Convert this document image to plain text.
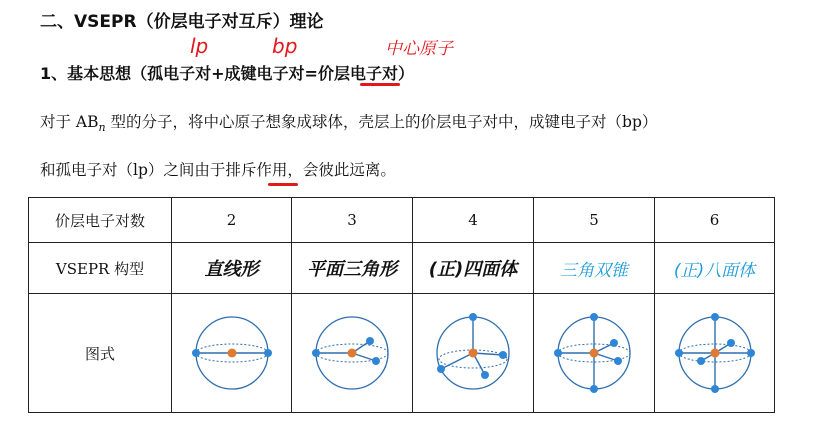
二、VSEPR（价层电子对互斥）理论
lp	bp	中心原子
1、基本思想（孤电子对+成键电子对=价层电子对）
对于 $AB_n$ 型的分子，将中心原子想象成球体，壳层上的价层电子对中，成键电子对（bp）
和孤电子对（lp）之间由于排斥作用，会彼此远离。
价层电子对数	2	3	4	5	6
VSEPR 构型	直线形	平面三角形	(正)四面体	三角双锥	(正)八面体
图式	
